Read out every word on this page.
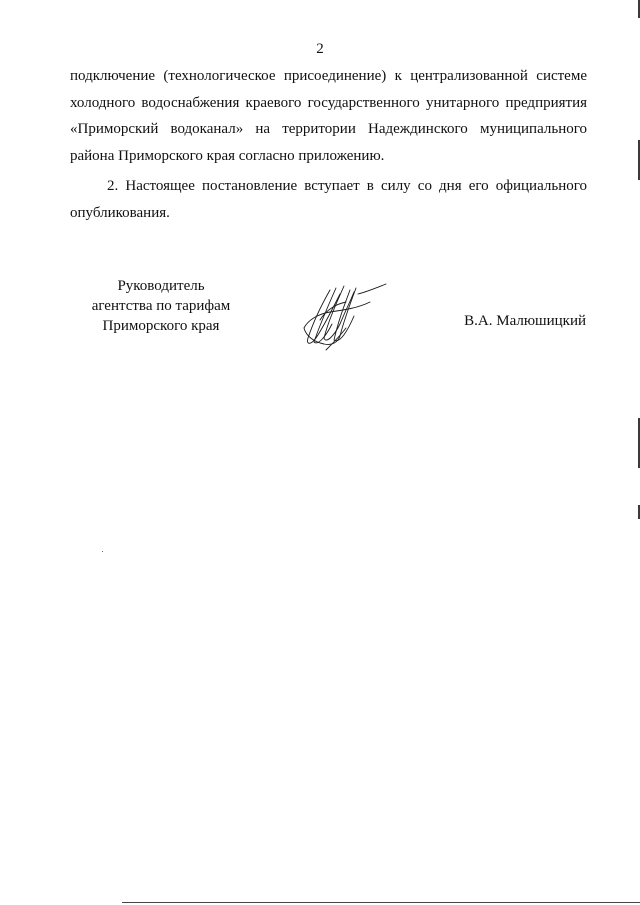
2

подключение (технологическое присоединение) к централизованной системе холодного водоснабжения краевого государственного унитарного предприятия «Приморский водоканал» на территории Надеждинского муниципального района Приморского края согласно приложению.

2. Настоящее постановление вступает в силу со дня его официального опубликования.

Руководитель
агентства по тарифам
Приморского края	В.А. Малюшицкий
